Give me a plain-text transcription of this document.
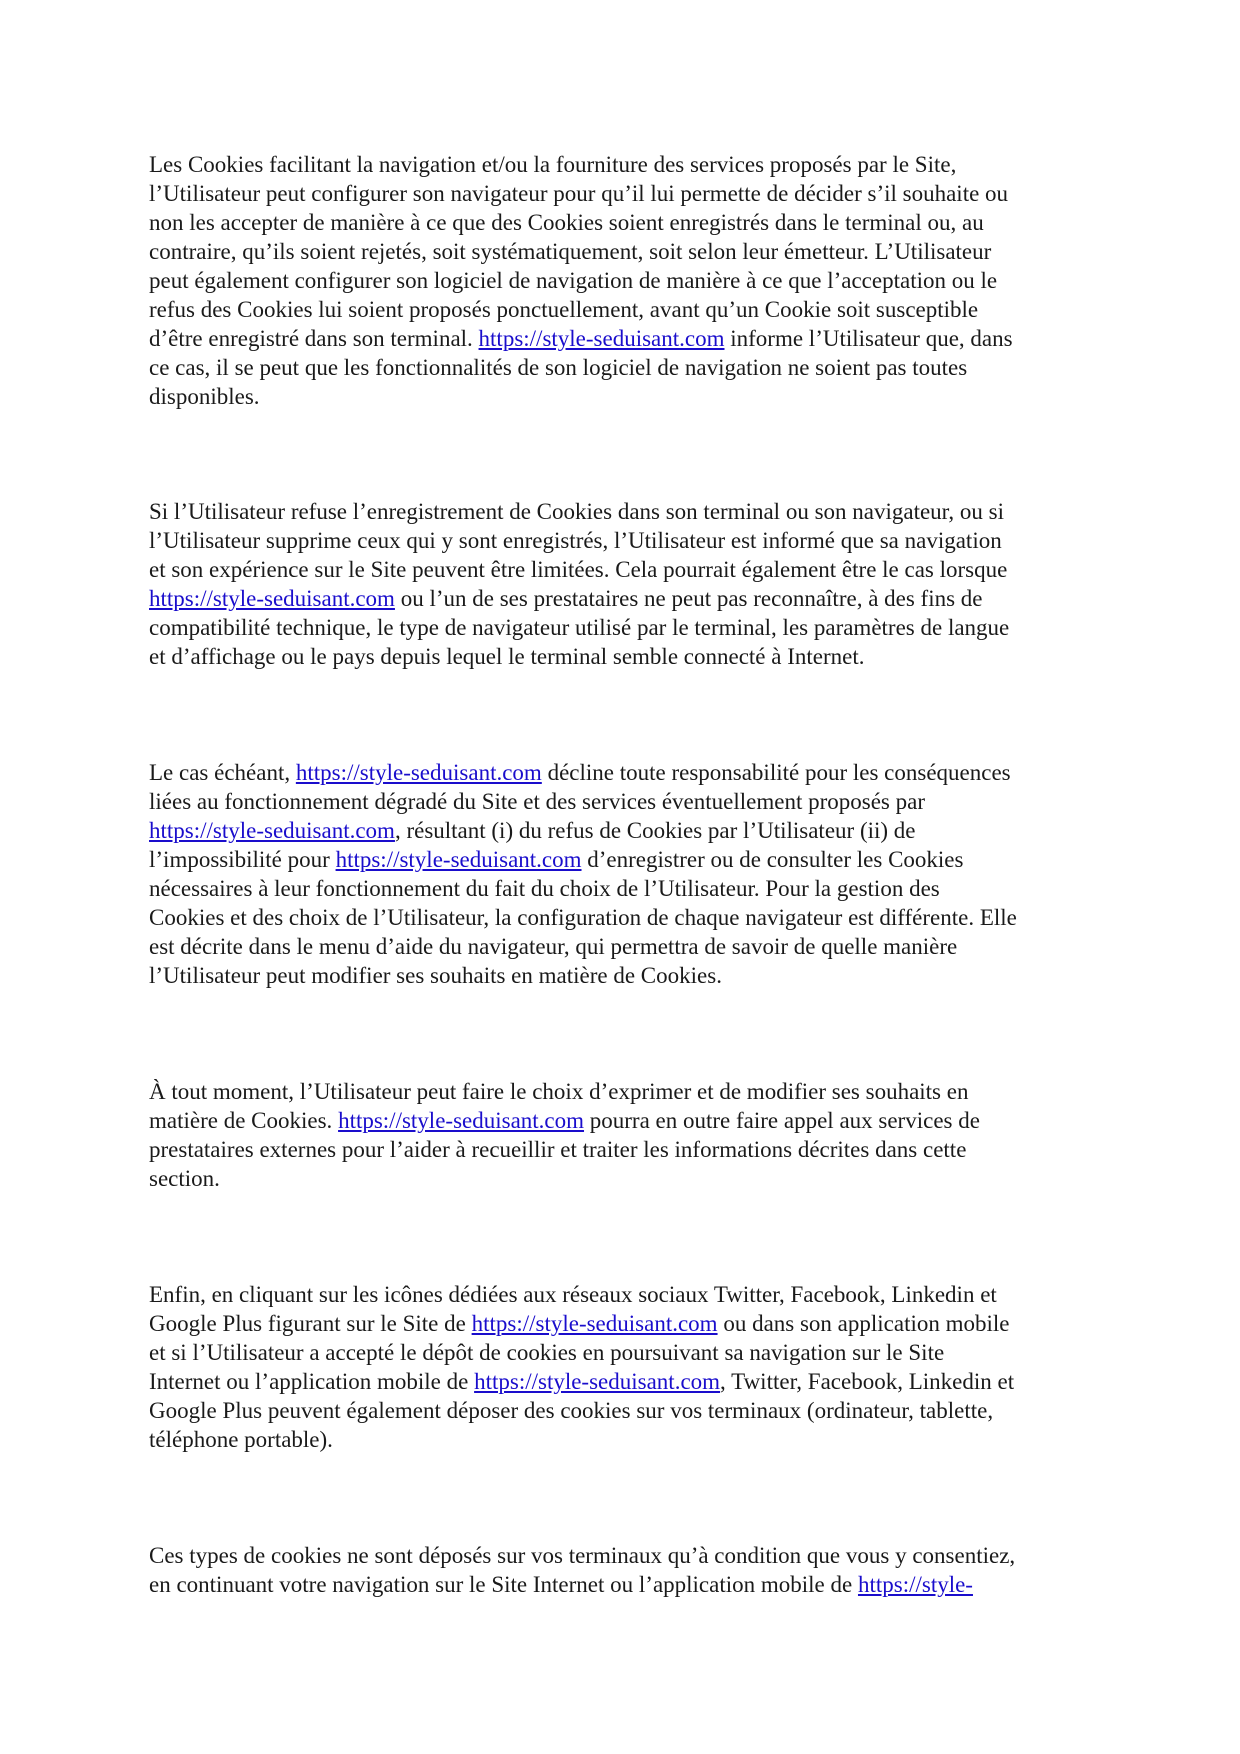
Les Cookies facilitant la navigation et/ou la fourniture des services proposés par le Site,
l’Utilisateur peut configurer son navigateur pour qu’il lui permette de décider s’il souhaite ou
non les accepter de manière à ce que des Cookies soient enregistrés dans le terminal ou, au
contraire, qu’ils soient rejetés, soit systématiquement, soit selon leur émetteur. L’Utilisateur
peut également configurer son logiciel de navigation de manière à ce que l’acceptation ou le
refus des Cookies lui soient proposés ponctuellement, avant qu’un Cookie soit susceptible
d’être enregistré dans son terminal. https://style-seduisant.com informe l’Utilisateur que, dans
ce cas, il se peut que les fonctionnalités de son logiciel de navigation ne soient pas toutes
disponibles.

Si l’Utilisateur refuse l’enregistrement de Cookies dans son terminal ou son navigateur, ou si
l’Utilisateur supprime ceux qui y sont enregistrés, l’Utilisateur est informé que sa navigation
et son expérience sur le Site peuvent être limitées. Cela pourrait également être le cas lorsque
https://style-seduisant.com ou l’un de ses prestataires ne peut pas reconnaître, à des fins de
compatibilité technique, le type de navigateur utilisé par le terminal, les paramètres de langue
et d’affichage ou le pays depuis lequel le terminal semble connecté à Internet.

Le cas échéant, https://style-seduisant.com décline toute responsabilité pour les conséquences
liées au fonctionnement dégradé du Site et des services éventuellement proposés par
https://style-seduisant.com, résultant (i) du refus de Cookies par l’Utilisateur (ii) de
l’impossibilité pour https://style-seduisant.com d’enregistrer ou de consulter les Cookies
nécessaires à leur fonctionnement du fait du choix de l’Utilisateur. Pour la gestion des
Cookies et des choix de l’Utilisateur, la configuration de chaque navigateur est différente. Elle
est décrite dans le menu d’aide du navigateur, qui permettra de savoir de quelle manière
l’Utilisateur peut modifier ses souhaits en matière de Cookies.

À tout moment, l’Utilisateur peut faire le choix d’exprimer et de modifier ses souhaits en
matière de Cookies. https://style-seduisant.com pourra en outre faire appel aux services de
prestataires externes pour l’aider à recueillir et traiter les informations décrites dans cette
section.

Enfin, en cliquant sur les icônes dédiées aux réseaux sociaux Twitter, Facebook, Linkedin et
Google Plus figurant sur le Site de https://style-seduisant.com ou dans son application mobile
et si l’Utilisateur a accepté le dépôt de cookies en poursuivant sa navigation sur le Site
Internet ou l’application mobile de https://style-seduisant.com, Twitter, Facebook, Linkedin et
Google Plus peuvent également déposer des cookies sur vos terminaux (ordinateur, tablette,
téléphone portable).

Ces types de cookies ne sont déposés sur vos terminaux qu’à condition que vous y consentiez,
en continuant votre navigation sur le Site Internet ou l’application mobile de https://style-
